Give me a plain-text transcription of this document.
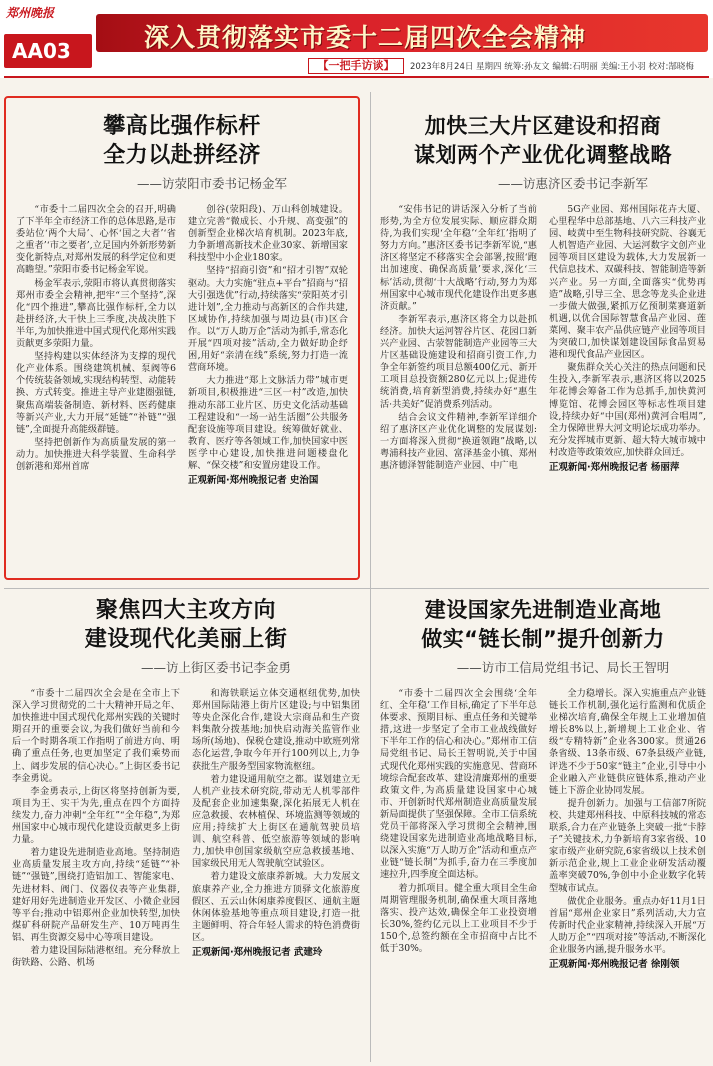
郑州晚报
AA03	深入贯彻落实市委十二届四次全会精神
【一把手访谈】	2023年8月24日 星期四 统筹:孙友文 编辑:石明丽 美编:王小羽 校对:郜晓梅
攀高比强作标杆
全力以赴拼经济
——访荥阳市委书记杨金军

“市委十二届四次全会的召开,明确了下半年全市经济工作的总体思路,是市委站位‘两个大局’、心怀‘国之大者’‘省之重者’‘市之要者’,立足国内外新形势新变化新特点,对郑州发展的科学定位和更高瞻望。”荥阳市委书记杨金军说。

杨金军表示,荥阳市将认真贯彻落实郑州市委全会精神,把牢“三个坚持”,深化“四个推进”,攀高比强作标杆,全力以赴拼经济,大干快上三季度,决战决胜下半年,为加快推进中国式现代化郑州实践贡献更多荥阳力量。

坚持构建以实体经济为支撑的现代化产业体系。围绕建筑机械、泵阀等6个传统装备领域,实现结构转型、动能转换、方式转变。推进主导产业建圈强链,聚焦高端装备制造、新材料、医药健康等新兴产业,大力开展“延链”“补链”“强链”,全面提升高能级群链。

坚持把创新作为高质量发展的第一动力。加快推进大科学装置、生命科学创新港和郑州首席

创谷(荥阳段)、万山科创城建设。建立完善“微成长、小升规、高变强”的创新型企业梯次培育机制。2023年底,力争新增高新技术企业30家、新增国家科技型中小企业180家。

坚持“招商引资”和“招才引智”双轮驱动。大力实施“驻点+平台”招商与“招大引强选优”行动,持续落实“荥阳英才引进计划”,全力推动与高新区的合作共建,区域协作,持续加强与周边县(市)区合作。以“万人助万企”活动为抓手,常态化开展“四项对接”活动,全力做好助企纾困,用好“亲清在线”系统,努力打造一流营商环境。

大力推进“郑上文脉活力带”城市更新项目,积极推进“三区一村”改造,加快推动东部工业片区、历史文化活动基础工程建设和“一场一站生活圈”公共服务配套设施等项目建设。统筹做好就业、教育、医疗等各领域工作,加快国家中医医学中心建设,加快推进问题楼盘化解、“保交楼”和安置房建设工作。

正观新闻·郑州晚报记者 史治国

加快三大片区建设和招商
谋划两个产业优化调整战略
——访惠济区委书记李新军

“安伟书记的讲话深入分析了当前形势,为全方位发展实际、顺应群众期待,为我们实现‘全年稳’‘全年红’指明了努力方向。”惠济区委书记李新军说,“惠济区将坚定不移落实全会部署,按照‘跑出加速度、确保高质量’要求,深化‘三标’活动,贯彻‘十大战略’行动,努力为郑州国家中心城市现代化建设作出更多惠济贡献。”

李新军表示,惠济区将全力以赴抓经济。加快大运河智谷片区、花园口新兴产业园、古荥智能制造产业园等三大片区基础设施建设和招商引资工作,力争全年新签约项目总额400亿元、新开工项目总投资额280亿元以上;促进传统消费,培育新型消费,持续办好“惠生活·共美好”促消费系列活动。

结合会议文件精神,李新军详细介绍了惠济区产业优化调整的发展谋划:一方面将深入贯彻“换道领跑”战略,以粤浦科技产业园、富泽基金小镇、郑州惠济德泽智能制造产业园、中广电

5G产业园、郑州国际花卉大厦、心里程华中总部基地、八六三科技产业园、岐黄中至生物科技研究院、谷襄无人机智造产业园、大运河数字文创产业园等项目区建设为载体,大力发展新一代信息技术、双碳科技、智能制造等新兴产业。另一方面,全面落实“优势再造”战略,引导三全、思念等龙头企业进一步做大做强,紧抓万亿预制菜赛道新机遇,以优合国际智慧食品产业园、莲菜网、聚丰农产品供应链产业园等项目为突破口,加快谋划建设国际食品贸易港和现代食品产业园区。

聚焦群众关心关注的热点问题和民生投入,李新军表示,惠济区将以2025年花博会筹备工作为总抓手,加快黄河博览馆、花博会园区等标志性项目建设,持续办好“中国(郑州)黄河合唱周”,全力保障世界大河文明论坛成功举办。充分发挥城市更新、超大特大城市城中村改造等政策效应,加快群众回迁。

正观新闻·郑州晚报记者 杨丽萍

聚焦四大主攻方向
建设现代化美丽上街
——访上街区委书记李金勇

“市委十二届四次全会是在全市上下深入学习贯彻党的二十大精神开局之年、加快推进中国式现代化郑州实践的关键时期召开的重要会议,为我们做好当前和今后一个时期各项工作指明了前进方向、明确了重点任务,也更加坚定了我们乘势而上、阔步发展的信心决心。”上街区委书记李金勇说。

李金勇表示,上街区将坚持创新为要,项目为王、实干为先,重点在四个方面持续发力,奋力冲刺“全年红”“全年稳”,为郑州国家中心城市现代化建设贡献更多上街力量。

着力建设先进制造业高地。坚持制造业高质量发展主攻方向,持续“延链”“补链”“强链”,围绕打造铝加工、智能家电、先进材料、阀门、仪器仪表等产业集群,建好用好先进制造业开发区、小微企业园等平台;推动中铝郑州企业加快转型,加快煤矿科研院产品研发生产、10万吨再生铝、再生资源交易中心等项目建设。

着力建设国际陆港枢纽。充分释放上街铁路、公路、机场

和海铁联运立体交通枢纽优势,加快郑州国际陆港上街片区建设;与中铝集团等央企深化合作,建设大宗商品和生产资料集散分拨基地;加快启动海关监管作业场所(场地)、保税仓建设,推动中欧班列常态化运营,争取今年开行100列以上,力争获批生产服务型国家物流枢纽。

着力建设通用航空之都。谋划建立无人机产业技术研究院,带动无人机零部件及配套企业加速集聚,深化拓展无人机在应急救援、农林植保、环境监测等领域的应用;持续扩大上街区在通航驾驶员培训、航空科普、低空旅游等领域的影响力,加快申创国家级航空应急救援基地、国家级民用无人驾驶航空试验区。

着力建设文旅康养新城。大力发展文旅康养产业,全力推进方顶驿文化旅游度假区、五云山休闲康养度假区、通航主题休闲体验基地等重点项目建设,打造一批主题鲜明、符合年轻人需求的特色消费街区。

正观新闻·郑州晚报记者 武建玲

建设国家先进制造业高地
做实“链长制”提升创新力
——访市工信局党组书记、局长王智明

“市委十二届四次全会围绕‘全年红、全年稳’工作目标,确定了下半年总体要求、预期目标、重点任务和关键举措,这进一步坚定了全市工业战线做好下半年工作的信心和决心。”郑州市工信局党组书记、局长王智明说,关于中国式现代化郑州实践的实施意见、营商环境综合配套改革、建设清廉郑州的重要政策文件,为高质量建设国家中心城市、开创新时代郑州制造业高质量发展新局面提供了坚强保障。全市工信系统党员干部将深入学习贯彻全会精神,围绕建设国家先进制造业高地战略目标,以深入实施“万人助万企”活动和重点产业链“链长制”为抓手,奋力在三季度加速拉升,四季度全面达标。

着力抓项目。健全重大项目全生命周期管理服务机制,确保重大项目落地落实、投产达效,确保全年工业投资增长30%,签约亿元以上工业项目不少于150个,总签约额在全市招商中占比不低于30%。

全力稳增长。深入实施重点产业链链长工作机制,强化运行监测和优质企业梯次培育,确保全年规上工业增加值增长8%以上,新增规上工业企业、省级“专精特新”企业各300家。贯通26条省级、13条市级、67条县级产业链,评选不少于50家“链主”企业,引导中小企业融入产业链供应链体系,推动产业链上下游企业协同发展。

提升创新力。加强与工信部7所院校、共建郑州科技、中原科技城的常态联系,合力在产业链条上突破一批“卡脖子”关键技术,力争新培育3家省级、10家市级产业研究院,6家省级以上技术创新示范企业,规上工业企业研发活动覆盖率突破70%,争创中小企业数字化转型城市试点。

做优企业服务。重点办好11月1日首届“郑州企业家日”系列活动,大力宣传新时代企业家精神,持续深入开展“万人助万企”“四项对接”等活动,不断深化企业服务内涵,提升服务水平。

正观新闻·郑州晚报记者 徐刚领
